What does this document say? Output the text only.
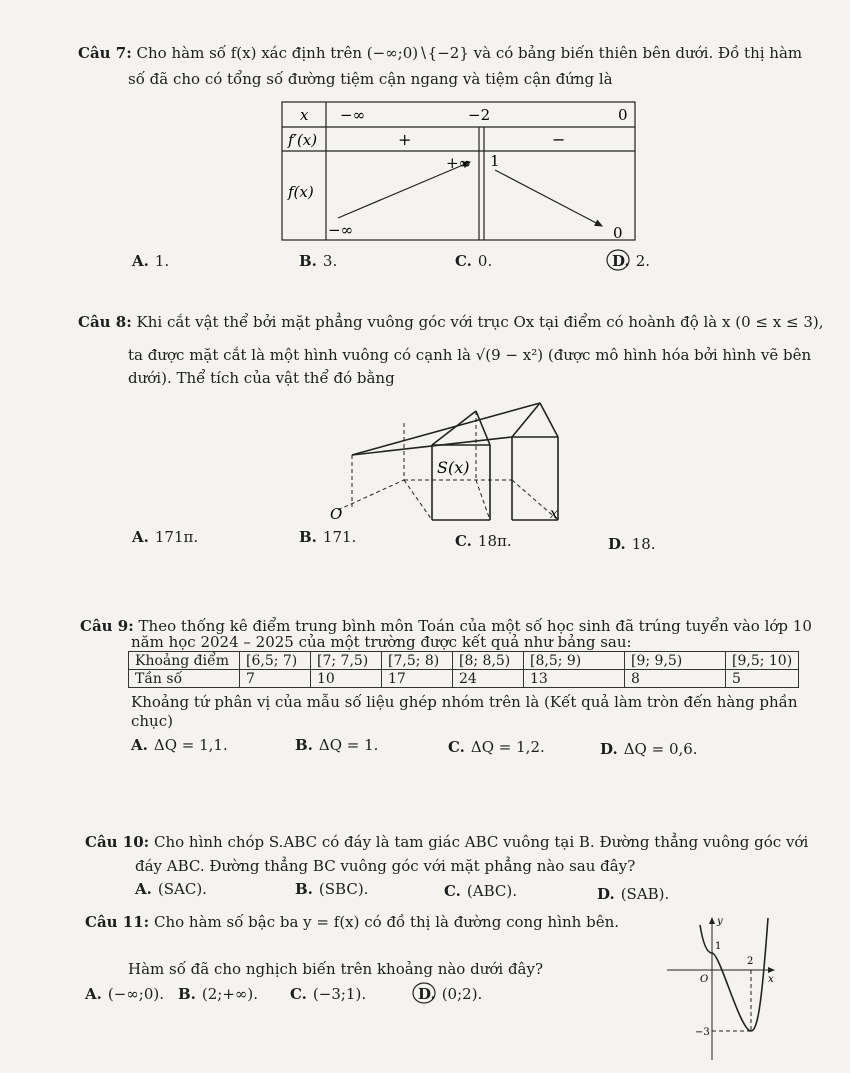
Câu 7: Cho hàm số f(x) xác định trên (−∞;0)∖{−2} và có bảng biến thiên bên dưới. Đồ thị hàm
số đã cho có tổng số đường tiệm cận ngang và tiệm cận đứng là
x −∞	−2	0
f′(x)	+	−
f(x)
+∞ 1
−∞	0
A. 1.	B. 3.	C. 0.	D. 2.
Câu 8: Khi cắt vật thể bởi mặt phẳng vuông góc với trục Ox tại điểm có hoành độ là x (0 ≤ x ≤ 3),
ta được mặt cắt là một hình vuông có cạnh là √(9 − x²) (được mô hình hóa bởi hình vẽ bên
dưới). Thể tích của vật thể đó bằng
S(x)
O	x
A. 171π.	B. 171.	C. 18π.	D. 18.
Câu 9: Theo thống kê điểm trung bình môn Toán của một số học sinh đã trúng tuyển vào lớp 10
năm học 2024 – 2025 của một trường được kết quả như bảng sau:
Khoảng điểm	[6,5; 7)	[7; 7,5)	[7,5; 8)	[8; 8,5)	[8,5; 9)	[9; 9,5)	[9,5; 10)
Tần số	7	10	17	24	13	8	5
Khoảng tứ phân vị của mẫu số liệu ghép nhóm trên là (Kết quả làm tròn đến hàng phần
chục)
A. ΔQ = 1,1.	B. ΔQ = 1.	C. ΔQ = 1,2.	D. ΔQ = 0,6.
Câu 10: Cho hình chóp S.ABC có đáy là tam giác ABC vuông tại B. Đường thẳng vuông góc với
đáy ABC. Đường thẳng BC vuông góc với mặt phẳng nào sau đây?
A. (SAC).	B. (SBC).	C. (ABC).	D. (SAB).
Câu 11: Cho hàm số bậc ba y = f(x) có đồ thị là đường cong hình bên.
Hàm số đã cho nghịch biến trên khoảng nào dưới đây?
A. (−∞;0). B. (2;+∞). C. (−3;1).	D. (0;2).
y
x
O
1
2
−3
